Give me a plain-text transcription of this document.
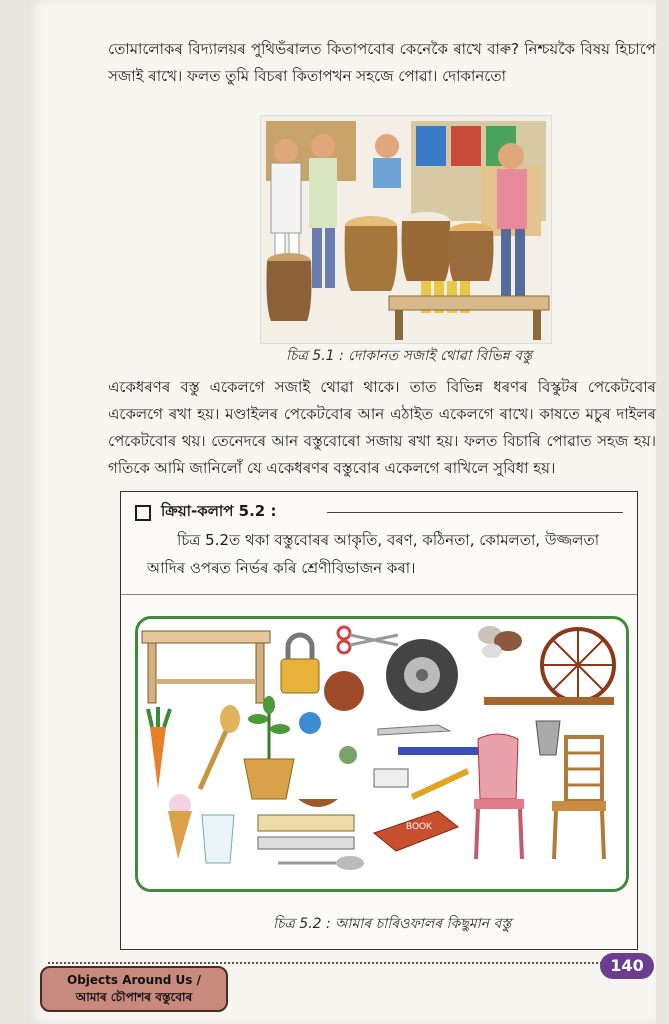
তোমালোকৰ বিদ্যালয়ৰ পুথিভঁৰালত কিতাপবোৰ কেনেকৈ ৰাখে বাৰু? নিশ্চয়কৈ বিষয় হিচাপে সজাই ৰাখে। ফলত তুমি বিচৰা কিতাপখন সহজে পোৱা। দোকানতো

চিত্ৰ 5.1 : দোকানত সজাই থোৱা বিভিন্ন বস্তু

একেধৰণৰ বস্তু একেলগে সজাই থোৱা থাকে। তাত বিভিন্ন ধৰণৰ বিস্কুটৰ পেকেটবোৰ একেলগে ৰখা হয়। মণ্ডাইলৰ পেকেটবোৰ আন এঠাইত একেলগে ৰাখে। কাষতে মচুৰ দাইলৰ পেকেটবোৰ থয়। তেনেদৰে আন বস্তুবোৰো সজায় ৰখা হয়। ফলত বিচাৰি পোৱাত সহজ হয়। গতিকে আমি জানিলোঁ যে একেধৰণৰ বস্তুবোৰ একেলগে ৰাখিলে সুবিধা হয়।

ক্ৰিয়া-কলাপ 5.2 :
চিত্ৰ 5.2ত থকা বস্তুবোৰৰ আকৃতি, বৰণ, কঠিনতা, কোমলতা, উজ্জলতা আদিৰ ওপৰত নিৰ্ভৰ কৰি শ্ৰেণীবিভাজন কৰা।
BOOK
চিত্ৰ 5.2 : আমাৰ চাৰিওফালৰ কিছুমান বস্তু
Objects Around Us /
আমাৰ চৌপাশৰ বস্তুবোৰ
140
